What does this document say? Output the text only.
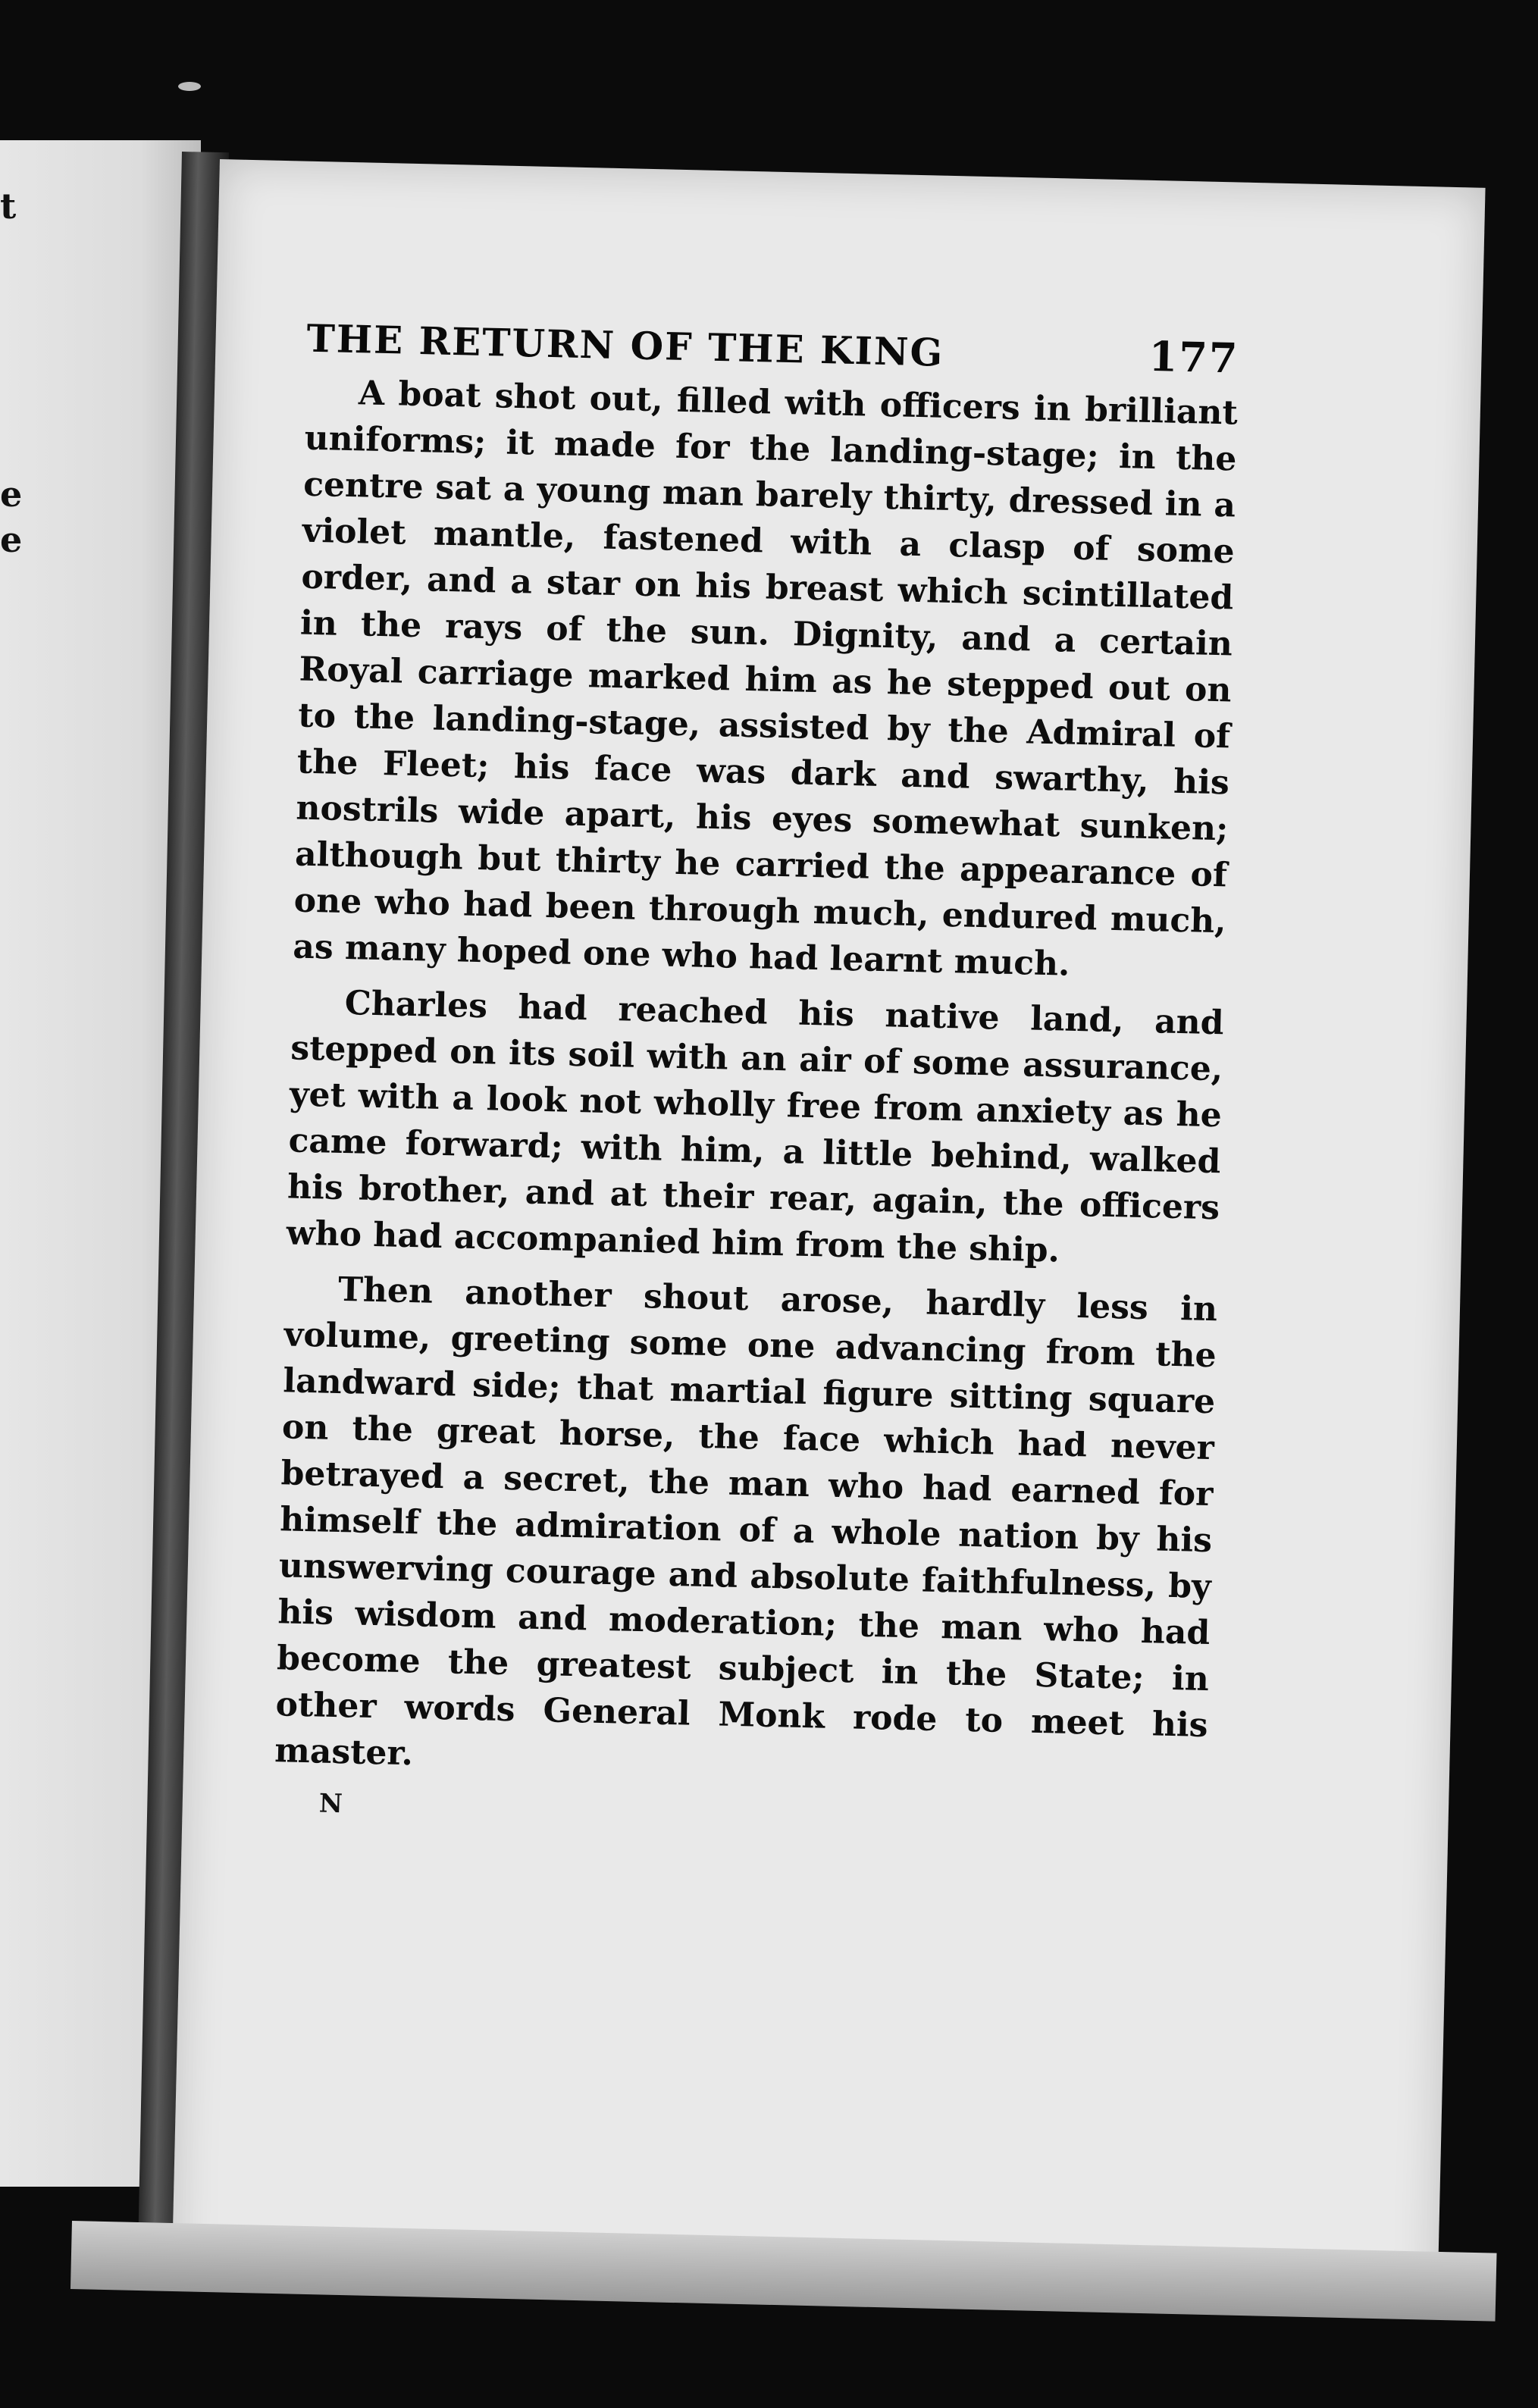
t
e
e
THE RETURN OF THE KING	177

A boat shot out, filled with officers in brilliant uniforms; it made for the landing-stage; in the centre sat a young man barely thirty, dressed in a violet mantle, fastened with a clasp of some order, and a star on his breast which scintillated in the rays of the sun. Dignity, and a certain Royal carriage marked him as he stepped out on to the landing-stage, assisted by the Admiral of the Fleet; his face was dark and swarthy, his nostrils wide apart, his eyes somewhat sunken; although but thirty he carried the appearance of one who had been through much, endured much, as many hoped one who had learnt much.

Charles had reached his native land, and stepped on its soil with an air of some assurance, yet with a look not wholly free from anxiety as he came forward; with him, a little behind, walked his brother, and at their rear, again, the officers who had accompanied him from the ship.

Then another shout arose, hardly less in volume, greeting some one advancing from the landward side; that martial figure sitting square on the great horse, the face which had never betrayed a secret, the man who had earned for himself the admiration of a whole nation by his unswerving courage and absolute faithfulness, by his wisdom and moderation; the man who had become the greatest subject in the State; in other words General Monk rode to meet his master.

N
